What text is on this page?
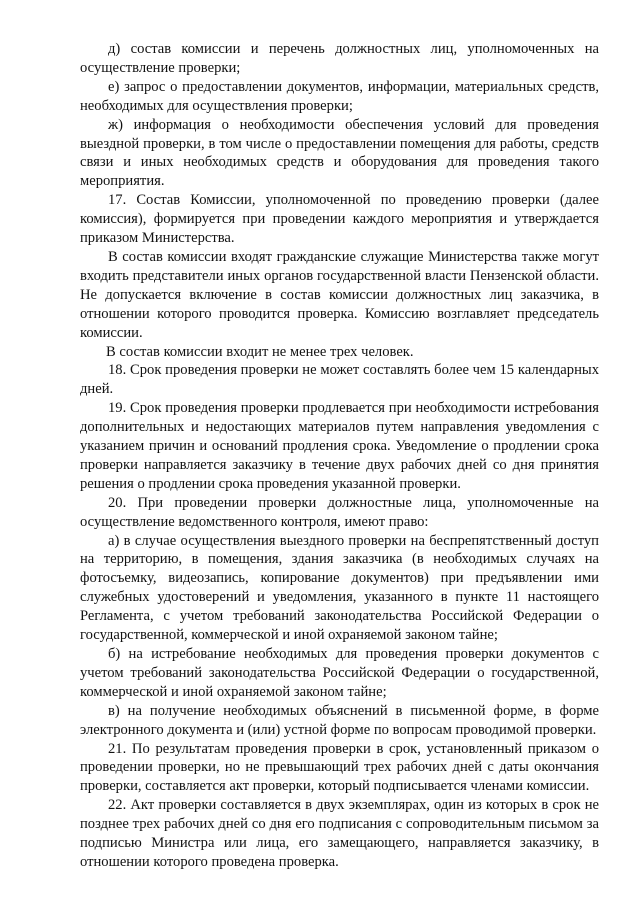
д) состав комиссии и перечень должностных лиц, уполномоченных на осуществление проверки;

е) запрос о предоставлении документов, информации, материальных средств, необходимых для осуществления проверки;

ж) информация о необходимости обеспечения условий для проведения выездной проверки, в том числе о предоставлении помещения для работы, средств связи и иных необходимых средств и оборудования для проведения такого мероприятия.

17. Состав Комиссии, уполномоченной по проведению проверки (далее комиссия), формируется при проведении каждого мероприятия и утверждается приказом Министерства.

В состав комиссии входят гражданские служащие Министерства также могут входить представители иных органов государственной власти Пензенской области. Не допускается включение в состав комиссии должностных лиц заказчика, в отношении которого проводится проверка. Комиссию возглавляет председатель комиссии.

В состав комиссии входит не менее трех человек.

18. Срок проведения проверки не может составлять более чем 15 календарных дней.

19. Срок проведения проверки продлевается при необходимости истребования дополнительных и недостающих материалов путем направления уведомления с указанием причин и оснований продления срока. Уведомление о продлении срока проверки направляется заказчику в течение двух рабочих дней со дня принятия решения о продлении срока проведения указанной проверки.

20. При проведении проверки должностные лица, уполномоченные на осуществление ведомственного контроля, имеют право:

а) в случае осуществления выездного проверки на беспрепятственный доступ на территорию, в помещения, здания заказчика (в необходимых случаях на фотосъемку, видеозапись, копирование документов) при предъявлении ими служебных удостоверений и уведомления, указанного в пункте 11 настоящего Регламента, с учетом требований законодательства Российской Федерации о государственной, коммерческой и иной охраняемой законом тайне;

б) на истребование необходимых для проведения проверки документов с учетом требований законодательства Российской Федерации о государственной, коммерческой и иной охраняемой законом тайне;

в) на получение необходимых объяснений в письменной форме, в форме электронного документа и (или) устной форме по вопросам проводимой проверки.

21. По результатам проведения проверки в срок, установленный приказом о проведении проверки, но не превышающий трех рабочих дней с даты окончания проверки, составляется акт проверки, который подписывается членами комиссии.

22. Акт проверки составляется в двух экземплярах, один из которых в срок не позднее трех рабочих дней со дня его подписания с сопроводительным письмом за подписью Министра или лица, его замещающего, направляется заказчику, в отношении которого проведена проверка.
